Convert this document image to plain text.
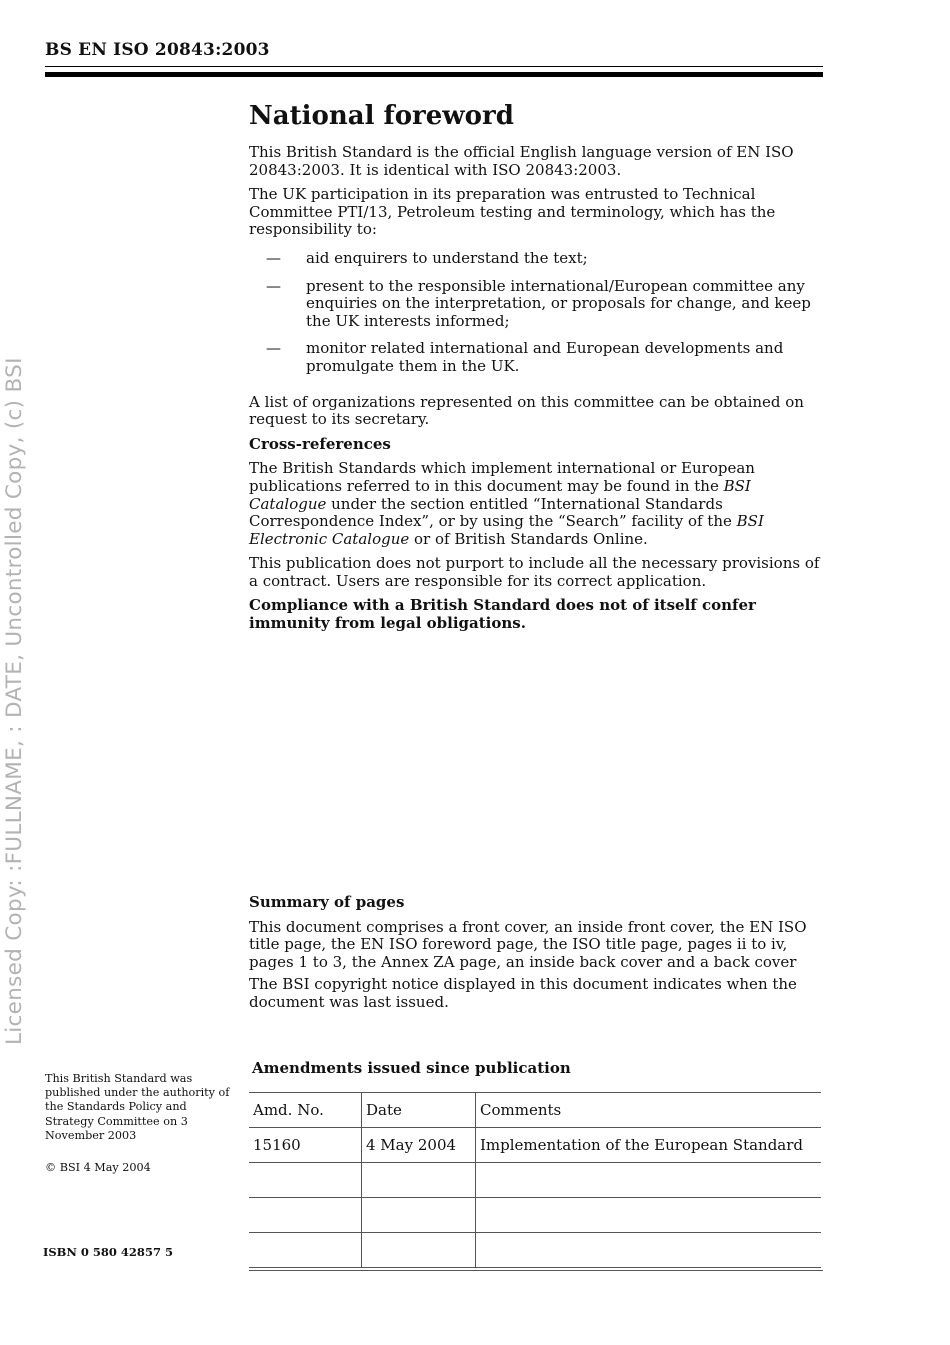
BS EN ISO 20843:2003
Licensed Copy: :FULLNAME, : DATE, Uncontrolled Copy, (c) BSI
National foreword

This British Standard is the official English language version of EN ISO 20843:2003. It is identical with ISO 20843:2003.

The UK participation in its preparation was entrusted to Technical Committee PTI/13, Petroleum testing and terminology, which has the responsibility to:

—	aid enquirers to understand the text;
—	present to the responsible international/European committee any enquiries on the interpretation, or proposals for change, and keep the UK interests informed;
—	monitor related international and European developments and promulgate them in the UK.

A list of organizations represented on this committee can be obtained on request to its secretary.

Cross-references

The British Standards which implement international or European publications referred to in this document may be found in the BSI Catalogue under the section entitled “International Standards Correspondence Index”, or by using the “Search” facility of the BSI Electronic Catalogue or of British Standards Online.

This publication does not purport to include all the necessary provisions of a contract. Users are responsible for its correct application.

Compliance with a British Standard does not of itself confer immunity from legal obligations.

Summary of pages

This document comprises a front cover, an inside front cover, the EN ISO title page, the EN ISO foreword page, the ISO title page, pages ii to iv, pages 1 to 3, the Annex ZA page, an inside back cover and a back cover

The BSI copyright notice displayed in this document indicates when the document was last issued.

This British Standard was published under the authority of the Standards Policy and Strategy Committee on 3 November 2003
© BSI 4 May 2004
ISBN 0 580 42857 5
Amendments issued since publication
Amd. No.	Date	Comments
15160	4 May 2004	Implementation of the European Standard
